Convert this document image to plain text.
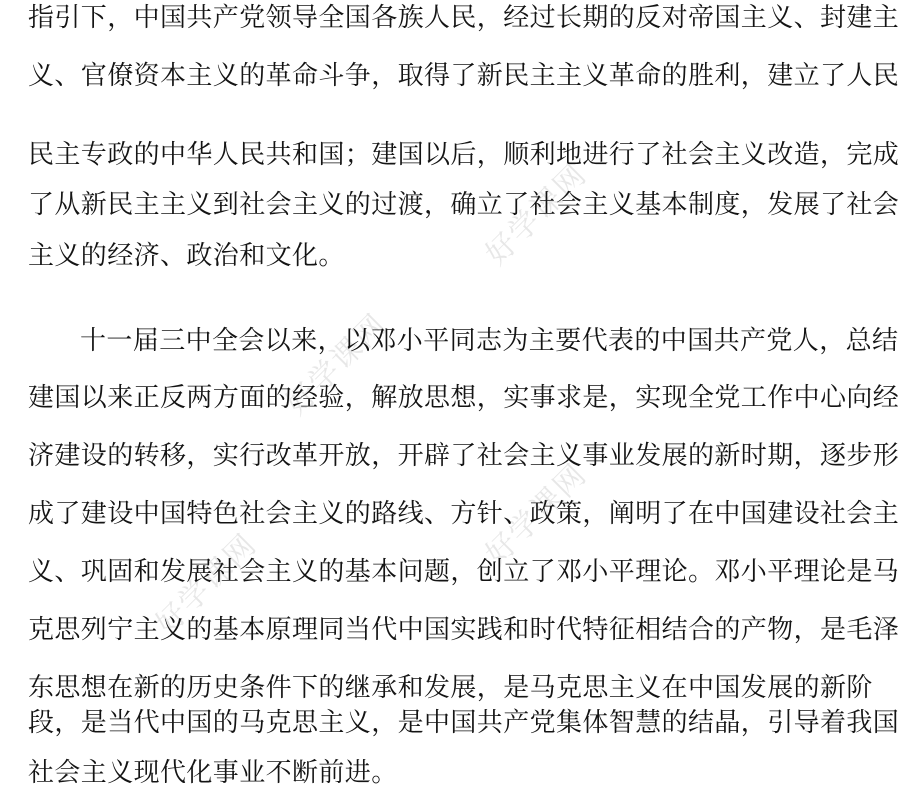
好学课网
好学课网
好学课网
好学课网
指引下，中国共产党领导全国各族人民，经过长期的反对帝国主义、封建主
义、官僚资本主义的革命斗争，取得了新民主主义革命的胜利，建立了人民
民主专政的中华人民共和国；建国以后，顺利地进行了社会主义改造，完成
了从新民主主义到社会主义的过渡，确立了社会主义基本制度，发展了社会
主义的经济、政治和文化。
十一届三中全会以来，以邓小平同志为主要代表的中国共产党人，总结
建国以来正反两方面的经验，解放思想，实事求是，实现全党工作中心向经
济建设的转移，实行改革开放，开辟了社会主义事业发展的新时期，逐步形
成了建设中国特色社会主义的路线、方针、政策，阐明了在中国建设社会主
义、巩固和发展社会主义的基本问题，创立了邓小平理论。邓小平理论是马
克思列宁主义的基本原理同当代中国实践和时代特征相结合的产物，是毛泽
东思想在新的历史条件下的继承和发展，是马克思主义在中国发展的新阶
段，是当代中国的马克思主义，是中国共产党集体智慧的结晶，引导着我国
社会主义现代化事业不断前进。
